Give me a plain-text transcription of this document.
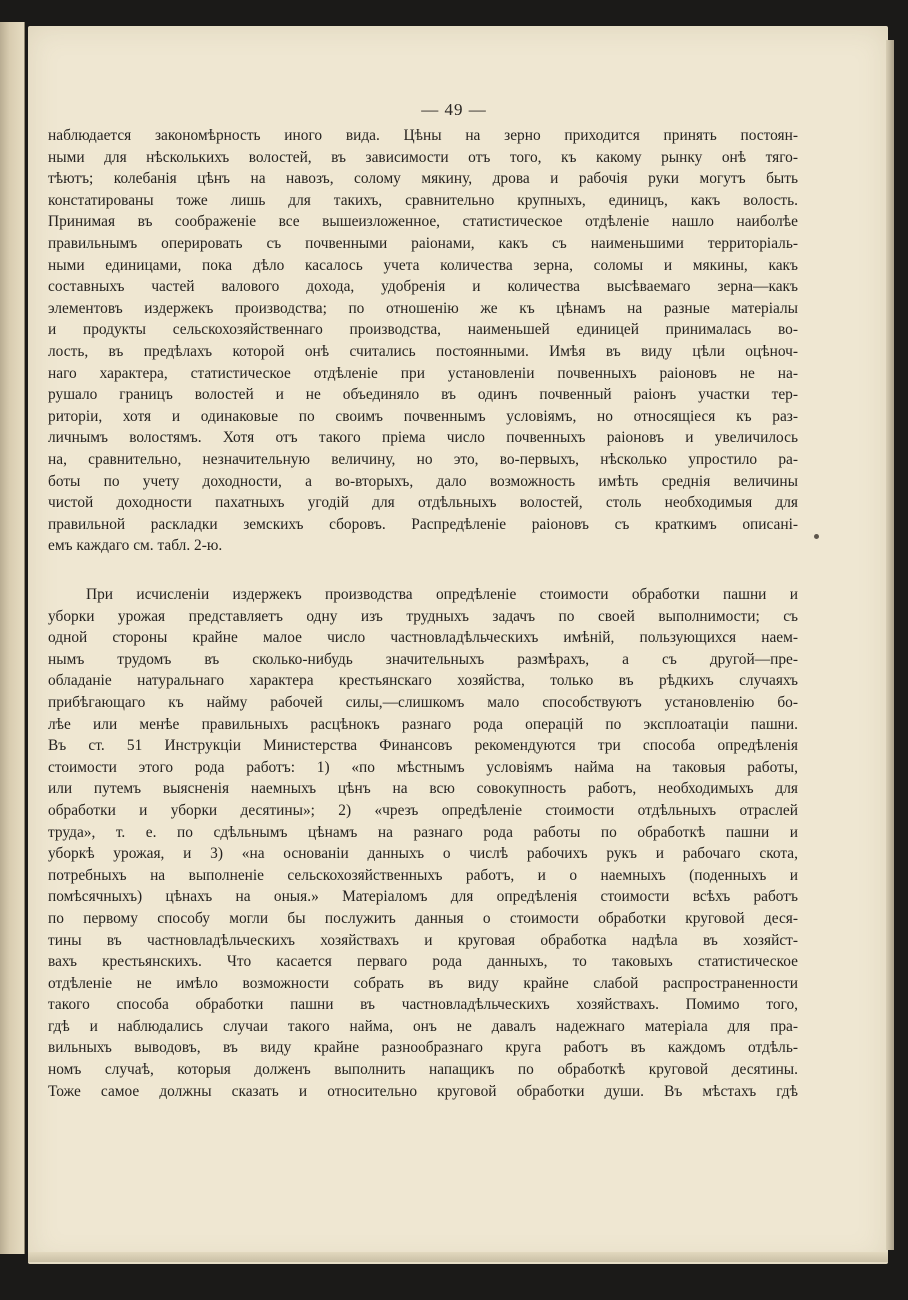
— 49 —
наблюдается закономѣрность иного вида. Цѣны на зерно приходится принять постоян-
ными для нѣсколькихъ волостей, въ зависимости отъ того, къ какому рынку онѣ тяго-
тѣютъ; колебанія цѣнъ на навозъ, солому мякину, дрова и рабочія руки могутъ быть
констатированы тоже лишь для такихъ, сравнительно крупныхъ, единицъ, какъ волость.
Принимая въ соображеніе все вышеизложенное, статистическое отдѣленіе нашло наиболѣе
правильнымъ оперировать съ почвенными раіонами, какъ съ наименьшими территоріаль-
ными единицами, пока дѣло касалось учета количества зерна, соломы и мякины, какъ
составныхъ частей валового дохода, удобренія и количества высѣваемаго зерна—какъ
элементовъ издержекъ производства; по отношенію же къ цѣнамъ на разные матеріалы
и продукты сельскохозяйственнаго производства, наименьшей единицей принималась во-
лость, въ предѣлахъ которой онѣ считались постоянными. Имѣя въ виду цѣли оцѣноч-
наго характера, статистическое отдѣленіе при установленіи почвенныхъ раіоновъ не на-
рушало границъ волостей и не объединяло въ одинъ почвенный раіонъ участки тер-
риторіи, хотя и одинаковые по своимъ почвеннымъ условіямъ, но относящіеся къ раз-
личнымъ волостямъ. Хотя отъ такого пріема число почвенныхъ раіоновъ и увеличилось
на, сравнительно, незначительную величину, но это, во-первыхъ, нѣсколько упростило ра-
боты по учету доходности, а во-вторыхъ, дало возможность имѣть среднія величины
чистой доходности пахатныхъ угодій для отдѣльныхъ волостей, столь необходимыя для
правильной раскладки земскихъ сборовъ. Распредѣленіе раіоновъ съ краткимъ описані-
емъ каждаго см. табл. 2-ю.
При исчисленіи издержекъ производства опредѣленіе стоимости обработки пашни и
уборки урожая представляетъ одну изъ трудныхъ задачъ по своей выполнимости; съ
одной стороны крайне малое число частновладѣльческихъ имѣній, пользующихся наем-
нымъ трудомъ въ сколько-нибудь значительныхъ размѣрахъ, а съ другой—пре-
обладаніе натуральнаго характера крестьянскаго хозяйства, только въ рѣдкихъ случаяхъ
прибѣгающаго къ найму рабочей силы,—слишкомъ мало способствуютъ установленію бо-
лѣе или менѣе правильныхъ расцѣнокъ разнаго рода операцій по эксплоатаціи пашни.
Въ ст. 51 Инструкціи Министерства Финансовъ рекомендуются три способа опредѣленія
стоимости этого рода работъ: 1) «по мѣстнымъ условіямъ найма на таковыя работы,
или путемъ выясненія наемныхъ цѣнъ на всю совокупность работъ, необходимыхъ для
обработки и уборки десятины»; 2) «чрезъ опредѣленіе стоимости отдѣльныхъ отраслей
труда», т. е. по сдѣльнымъ цѣнамъ на разнаго рода работы по обработкѣ пашни и
уборкѣ урожая, и 3) «на основаніи данныхъ о числѣ рабочихъ рукъ и рабочаго скота,
потребныхъ на выполненіе сельскохозяйственныхъ работъ, и о наемныхъ (поденныхъ и
помѣсячныхъ) цѣнахъ на оныя.» Матеріаломъ для опредѣленія стоимости всѣхъ работъ
по первому способу могли бы послужить данныя о стоимости обработки круговой деся-
тины въ частновладѣльческихъ хозяйствахъ и круговая обработка надѣла въ хозяйст-
вахъ крестьянскихъ. Что касается перваго рода данныхъ, то таковыхъ статистическое
отдѣленіе не имѣло возможности собрать въ виду крайне слабой распространенности
такого способа обработки пашни въ частновладѣльческихъ хозяйствахъ. Помимо того,
гдѣ и наблюдались случаи такого найма, онъ не давалъ надежнаго матеріала для пра-
вильныхъ выводовъ, въ виду крайне разнообразнаго круга работъ въ каждомъ отдѣль-
номъ случаѣ, которыя долженъ выполнить напащикъ по обработкѣ круговой десятины.
Тоже самое должны сказать и относительно круговой обработки души. Въ мѣстахъ гдѣ
